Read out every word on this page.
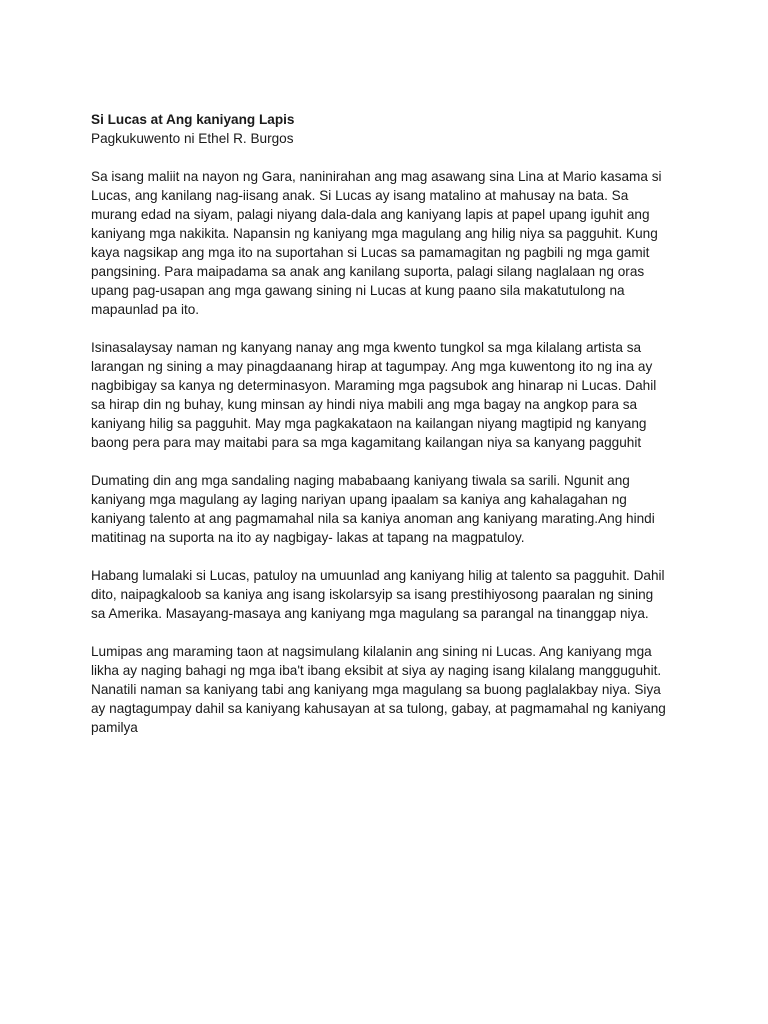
Si Lucas at Ang kaniyang Lapis

Pagkukuwento ni Ethel R. Burgos

Sa isang maliit na nayon ng Gara, naninirahan ang mag asawang sina Lina at Mario kasama si
Lucas, ang kanilang nag-iisang anak. Si Lucas ay isang matalino at mahusay na bata. Sa
murang edad na siyam, palagi niyang dala-dala ang kaniyang lapis at papel upang iguhit ang
kaniyang mga nakikita. Napansin ng kaniyang mga magulang ang hilig niya sa pagguhit. Kung
kaya nagsikap ang mga ito na suportahan si Lucas sa pamamagitan ng pagbili ng mga gamit
pangsining. Para maipadama sa anak ang kanilang suporta, palagi silang naglalaan ng oras
upang pag-usapan ang mga gawang sining ni Lucas at kung paano sila makatutulong na
mapaunlad pa ito.

Isinasalaysay naman ng kanyang nanay ang mga kwento tungkol sa mga kilalang artista sa
larangan ng sining a may pinagdaanang hirap at tagumpay. Ang mga kuwentong ito ng ina ay
nagbibigay sa kanya ng determinasyon. Maraming mga pagsubok ang hinarap ni Lucas. Dahil
sa hirap din ng buhay, kung minsan ay hindi niya mabili ang mga bagay na angkop para sa
kaniyang hilig sa pagguhit. May mga pagkakataon na kailangan niyang magtipid ng kanyang
baong pera para may maitabi para sa mga kagamitang kailangan niya sa kanyang pagguhit

Dumating din ang mga sandaling naging mababaang kaniyang tiwala sa sarili. Ngunit ang
kaniyang mga magulang ay laging nariyan upang ipaalam sa kaniya ang kahalagahan ng
kaniyang talento at ang pagmamahal nila sa kaniya anoman ang kaniyang marating.Ang hindi
matitinag na suporta na ito ay nagbigay- lakas at tapang na magpatuloy.

Habang lumalaki si Lucas, patuloy na umuunlad ang kaniyang hilig at talento sa pagguhit. Dahil
dito, naipagkaloob sa kaniya ang isang iskolarsyip sa isang prestihiyosong paaralan ng sining
sa Amerika. Masayang-masaya ang kaniyang mga magulang sa parangal na tinanggap niya.

Lumipas ang maraming taon at nagsimulang kilalanin ang sining ni Lucas. Ang kaniyang mga
likha ay naging bahagi ng mga iba't ibang eksibit at siya ay naging isang kilalang mangguguhit.
Nanatili naman sa kaniyang tabi ang kaniyang mga magulang sa buong paglalakbay niya. Siya
ay nagtagumpay dahil sa kaniyang kahusayan at sa tulong, gabay, at pagmamahal ng kaniyang
pamilya
